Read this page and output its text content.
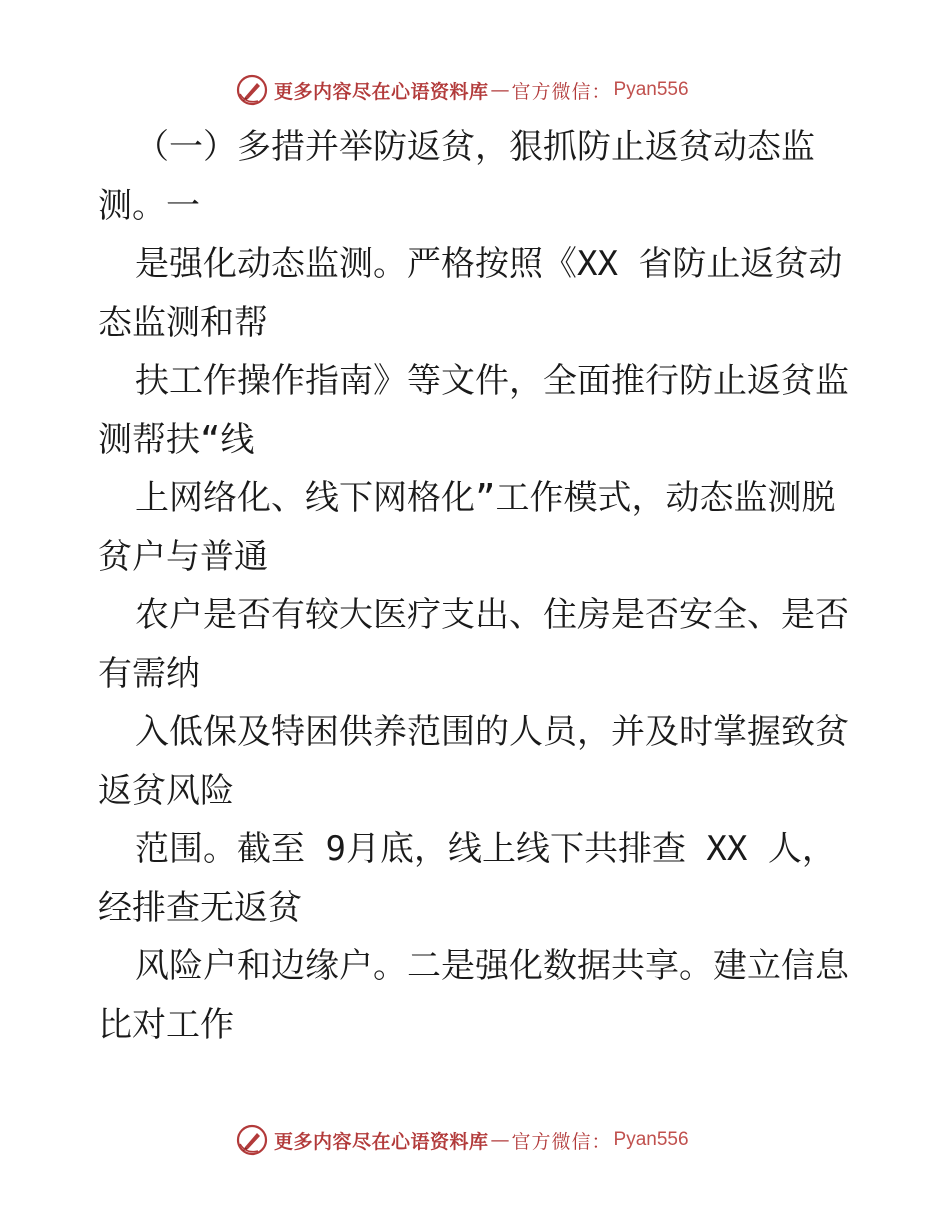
更多内容尽在心语资料库 — 官方微信： Pyan556
（一）多措并举防返贫，狠抓防止返贫动态监
测。一
是强化动态监测。严格按照《XX 省防止返贫动
态监测和帮
扶工作操作指南》等文件，全面推行防止返贫监
测帮扶“线
上网络化、线下网格化”工作模式，动态监测脱
贫户与普通
农户是否有较大医疗支出、住房是否安全、是否
有需纳
入低保及特困供养范围的人员，并及时掌握致贫
返贫风险
范围。截至 9月底，线上线下共排查 XX 人，
经排查无返贫
风险户和边缘户。二是强化数据共享。建立信息
比对工作
更多内容尽在心语资料库 — 官方微信： Pyan556
